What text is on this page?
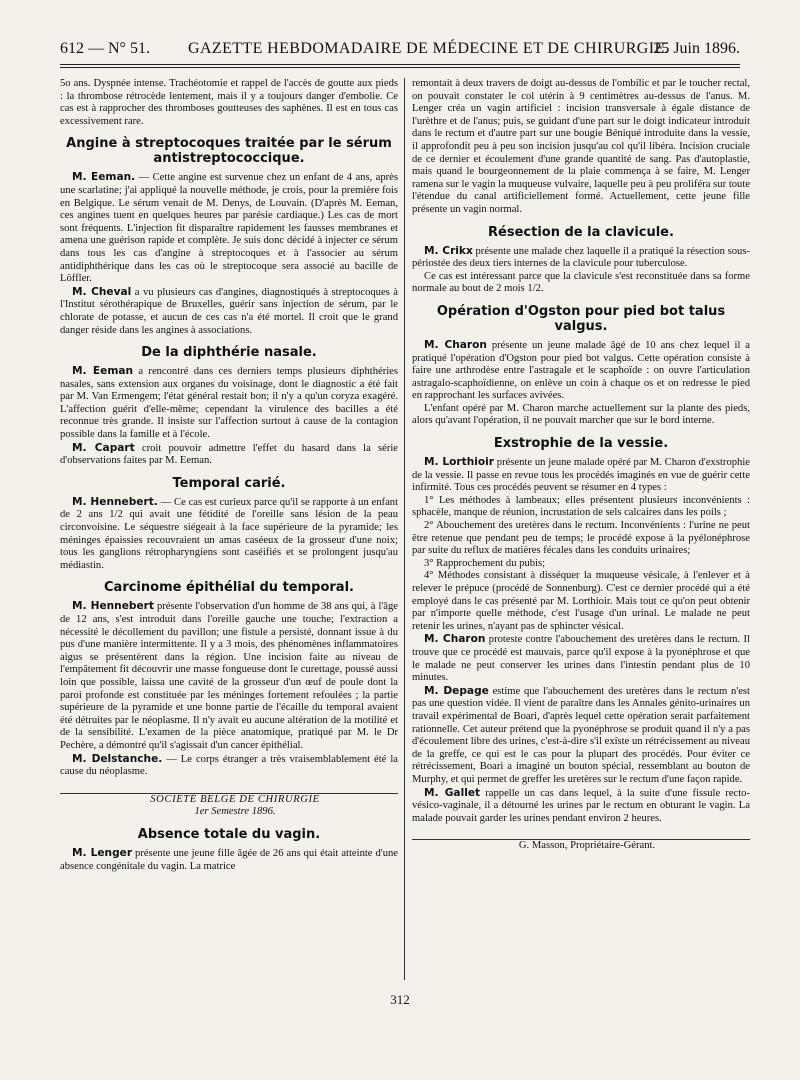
612 — N° 51. GAZETTE HEBDOMADAIRE DE MÉDECINE ET DE CHIRURGIE.
25 Juin 1896.

5o ans. Dyspnée intense. Trachéotomie et rappel de l'accès de goutte aux pieds : la thrombose rétrocède lentement, mais il y a toujours danger d'embolie. Ce cas est à rapprocher des thromboses goutteuses des saphènes. Il est en tous cas excessivement rare.

Angine à streptocoques traitée par le sérum antistreptococcique.

M. Eeman. — Cette angine est survenue chez un enfant de 4 ans, après une scarlatine; j'ai appliqué la nouvelle méthode, je crois, pour la première fois en Belgique. Le sérum venait de M. Denys, de Louvain. (D'après M. Eeman, ces angines tuent en quelques heures par parésie cardiaque.) Les cas de mort sont fréquents. L'injection fit disparaître rapidement les fausses membranes et amena une guérison rapide et complète. Je suis donc décidé à injecter ce sérum dans tous les cas d'angine à streptocoques et à l'associer au sérum antidiphthérique dans les cas où le streptocoque sera associé au bacille de Löffler.

M. Cheval a vu plusieurs cas d'angines, diagnostiqués à streptocoques à l'Institut sérothérapique de Bruxelles, guérir sans injection de sérum, par le chlorate de potasse, et aucun de ces cas n'a été mortel. Il croit que le grand danger réside dans les angines à associations.

De la diphthérie nasale.

M. Eeman a rencontré dans ces derniers temps plusieurs diphthéries nasales, sans extension aux organes du voisinage, dont le diagnostic a été fait par M. Van Ermengem; l'état général restait bon; il n'y a qu'un coryza exagéré. L'affection guérit d'elle-même; cependant la virulence des bacilles a été reconnue très grande. Il insiste sur l'affection surtout à cause de la contagion possible dans la famille et à l'école.

M. Capart croit pouvoir admettre l'effet du hasard dans la série d'observations faites par M. Eeman.

Temporal carié.

M. Hennebert. — Ce cas est curieux parce qu'il se rapporte à un enfant de 2 ans 1/2 qui avait une fétidité de l'oreille sans lésion de la peau circonvoisine. Le séquestre siégeait à la face supérieure de la pyramide; les méninges épaissies recouvraient un amas caséeux de la grosseur d'une noix; tous les ganglions rétropharyngiens sont caséifiés et se prolongent jusqu'au médiastin.

Carcinome épithélial du temporal.

M. Hennebert présente l'observation d'un homme de 38 ans qui, à l'âge de 12 ans, s'est introduit dans l'oreille gauche une touche; l'extraction a nécessité le décollement du pavillon; une fistule a persisté, donnant issue à du pus d'une manière intermittente. Il y a 3 mois, des phénomènes inflammatoires aigus se présentèrent dans la région. Une incision faite au niveau de l'empâtement fit découvrir une masse fongueuse dont le curettage, poussé aussi loin que possible, laissa une cavité de la grosseur d'un œuf de poule dont la paroi profonde est constituée par les méninges fortement refoulées ; la partie supérieure de la pyramide et une bonne partie de l'écaille du temporal avaient été détruites par le néoplasme. Il n'y avait eu aucune altération de la motilité et de la sensibilité. L'examen de la pièce anatomique, pratiqué par M. le Dr Pechère, a démontré qu'il s'agissait d'un cancer épithélial.

M. Delstanche. — Le corps étranger a très vraisemblablement été la cause du néoplasme.

SOCIÉTÉ BELGE DE CHIRURGIE

1er Semestre 1896.

Absence totale du vagin.

M. Lenger présente une jeune fille âgée de 26 ans qui était atteinte d'une absence congénitale du vagin. La matrice

remontait à deux travers de doigt au-dessus de l'ombilic et par le toucher rectal, on pouvait constater le col utérin à 9 centimètres au-dessus de l'anus. M. Lenger créa un vagin artificiel : incision transversale à égale distance de l'urèthre et de l'anus; puis, se guidant d'une part sur le doigt indicateur introduit dans le rectum et d'autre part sur une bougie Béniqué introduite dans la vessie, il approfondit peu à peu son incision jusqu'au col qu'il libéra. Incision cruciale de ce dernier et écoulement d'une grande quantité de sang. Pas d'autoplastie, mais quand le bourgeonnement de la plaie commença à se faire, M. Lenger ramena sur le vagin la muqueuse vulvaire, laquelle peu à peu proliféra sur toute l'étendue du canal artificiellement formé. Actuellement, cette jeune fille présente un vagin normal.

Résection de la clavicule.

M. Crikx présente une malade chez laquelle il a pratiqué la résection sous-périostée des deux tiers internes de la clavicule pour tuberculose.

Ce cas est intéressant parce que la clavicule s'est reconstituée dans sa forme normale au bout de 2 mois 1/2.

Opération d'Ogston pour pied bot talus valgus.

M. Charon présente un jeune malade âgé de 10 ans chez lequel il a pratiqué l'opération d'Ogston pour pied bot valgus. Cette opération consiste à faire une arthrodèse entre l'astragale et le scaphoïde : on ouvre l'articulation astragalo-scaphoïdienne, on enlève un coin à chaque os et on redresse le pied en rapprochant les surfaces avivées.

L'enfant opéré par M. Charon marche actuellement sur la plante des pieds, alors qu'avant l'opération, il ne pouvait marcher que sur le bord interne.

Exstrophie de la vessie.

M. Lorthioir présente un jeune malade opéré par M. Charon d'exstrophie de la vessie. Il passe en revue tous les procédés imaginés en vue de guérir cette infirmité. Tous ces procédés peuvent se résumer en 4 types :

1° Les méthodes à lambeaux; elles présentent plusieurs inconvénients : sphacèle, manque de réunion, incrustation de sels calcaires dans les poils ;

2° Abouchement des uretères dans le rectum. Inconvénients : l'urine ne peut être retenue que pendant peu de temps; le procédé expose à la pyélonéphrose par suite du reflux de matières fécales dans les conduits urinaires;

3° Rapprochement du pubis;

4° Méthodes consistant à disséquer la muqueuse vésicale, à l'enlever et à relever le prépuce (procédé de Sonnenburg). C'est ce dernier procédé qui a été employé dans le cas présenté par M. Lorthioir. Mais tout ce qu'on peut obtenir par n'importe quelle méthode, c'est l'usage d'un urinal. Le malade ne peut retenir les urines, n'ayant pas de sphincter vésical.

M. Charon proteste contre l'abouchement des uretères dans le rectum. Il trouve que ce procédé est mauvais, parce qu'il expose à la pyonéphrose et que le malade ne peut conserver les urines dans l'intestin pendant plus de 10 minutes.

M. Depage estime que l'abouchement des uretères dans le rectum n'est pas une question vidée. Il vient de paraître dans les Annales génito-urinaires un travail expérimental de Boari, d'après lequel cette opération serait parfaitement rationnelle. Cet auteur prétend que la pyonéphrose se produit quand il n'y a pas d'écoulement libre des urines, c'est-à-dire s'il existe un rétrécissement au niveau de la greffe, ce qui est le cas pour la plupart des procédés. Pour éviter ce rétrécissement, Boari a imaginé un bouton spécial, ressemblant au bouton de Murphy, et qui permet de greffer les uretères sur le rectum d'une façon rapide.

M. Gallet rappelle un cas dans lequel, à la suite d'une fissule recto-vésico-vaginale, il a détourné les urines par le rectum en obturant le vagin. La malade pouvait garder les urines pendant environ 2 heures.

G. Masson, Propriétaire-Gérant.

312
